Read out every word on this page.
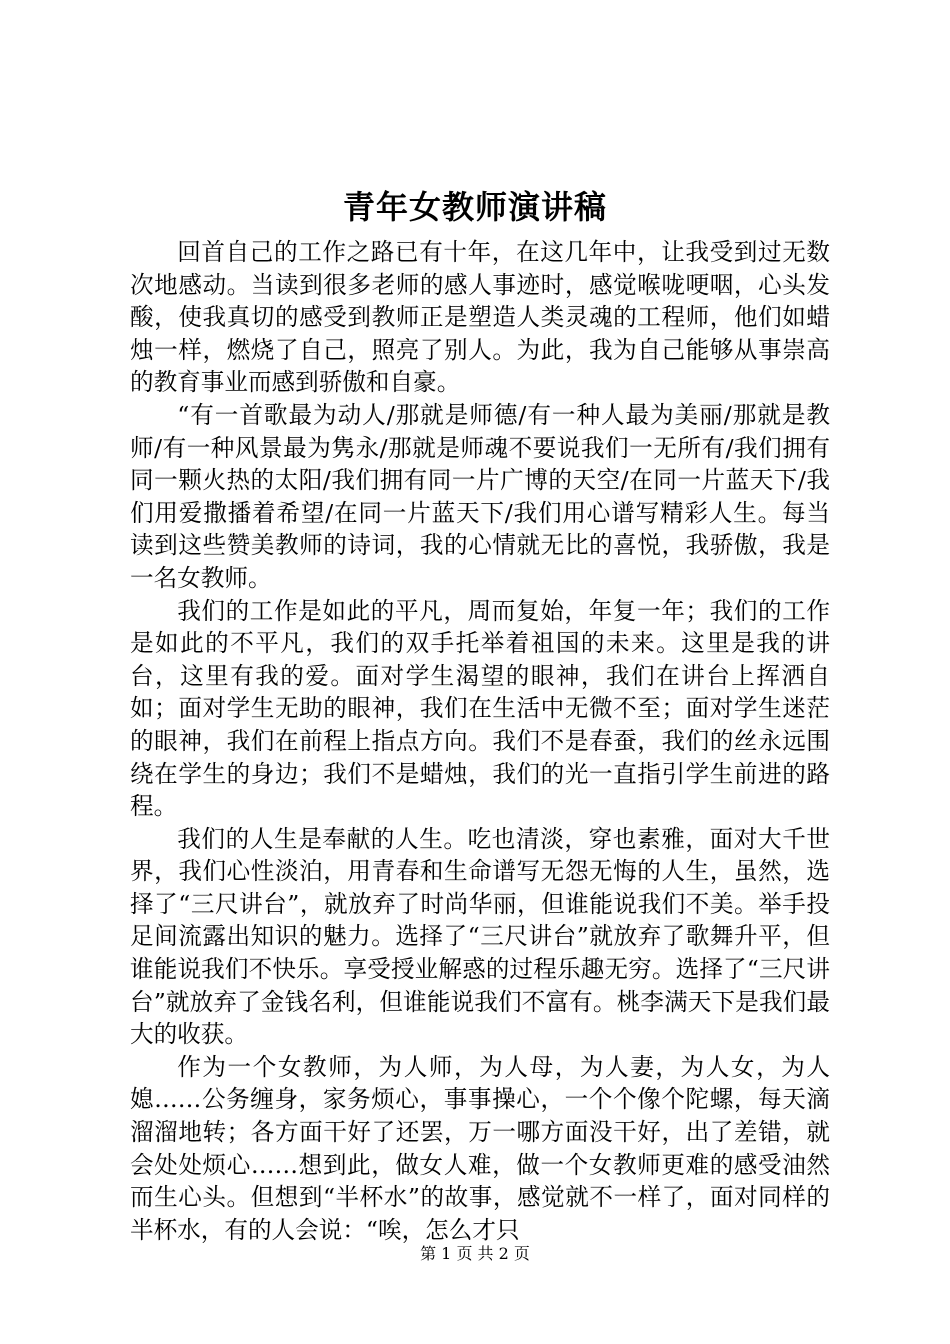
青年女教师演讲稿

回首自己的工作之路已有十年，在这几年中，让我受到过无数次地感动。当读到很多老师的感人事迹时，感觉喉咙哽咽，心头发酸，使我真切的感受到教师正是塑造人类灵魂的工程师，他们如蜡烛一样，燃烧了自己，照亮了别人。为此，我为自己能够从事崇高的教育事业而感到骄傲和自豪。

“有一首歌最为动人/那就是师德/有一种人最为美丽/那就是教师/有一种风景最为隽永/那就是师魂不要说我们一无所有/我们拥有同一颗火热的太阳/我们拥有同一片广博的天空/在同一片蓝天下/我们用爱撒播着希望/在同一片蓝天下/我们用心谱写精彩人生。每当读到这些赞美教师的诗词，我的心情就无比的喜悦，我骄傲，我是一名女教师。

我们的工作是如此的平凡，周而复始，年复一年；我们的工作是如此的不平凡，我们的双手托举着祖国的未来。这里是我的讲台，这里有我的爱。面对学生渴望的眼神，我们在讲台上挥洒自如；面对学生无助的眼神，我们在生活中无微不至；面对学生迷茫的眼神，我们在前程上指点方向。我们不是春蚕，我们的丝永远围绕在学生的身边；我们不是蜡烛，我们的光一直指引学生前进的路程。

我们的人生是奉献的人生。吃也清淡，穿也素雅，面对大千世界，我们心性淡泊，用青春和生命谱写无怨无悔的人生，虽然，选择了“三尺讲台”，就放弃了时尚华丽，但谁能说我们不美。举手投足间流露出知识的魅力。选择了“三尺讲台”就放弃了歌舞升平，但谁能说我们不快乐。享受授业解惑的过程乐趣无穷。选择了“三尺讲台”就放弃了金钱名利，但谁能说我们不富有。桃李满天下是我们最大的收获。

作为一个女教师，为人师，为人母，为人妻，为人女，为人媳……公务缠身，家务烦心，事事操心，一个个像个陀螺，每天滴溜溜地转；各方面干好了还罢，万一哪方面没干好，出了差错，就会处处烦心……想到此，做女人难，做一个女教师更难的感受油然而生心头。但想到“半杯水”的故事，感觉就不一样了，面对同样的半杯水，有的人会说：“唉，怎么才只

第 1 页 共 2 页
